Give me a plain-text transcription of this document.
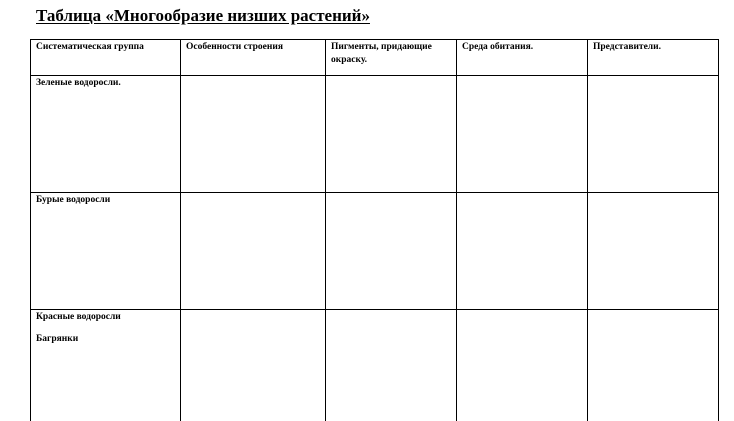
Таблица «Многообразие низших растений»
Систематическая группа	Особенности строения	Пигменты, придающие окраску.	Среда обитания.	Представители.
Зеленые водоросли.				
Бурые водоросли				
Красные водоросли
Багрянки				
